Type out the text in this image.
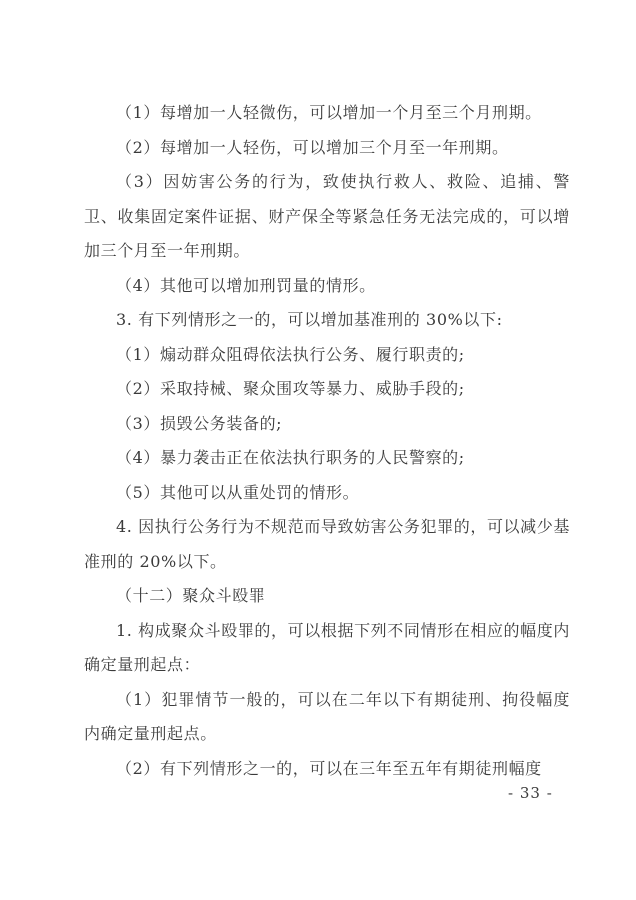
（1）每增加一人轻微伤，可以增加一个月至三个月刑期。

（2）每增加一人轻伤，可以增加三个月至一年刑期。

（3）因妨害公务的行为，致使执行救人、救险、追捕、警卫、收集固定案件证据、财产保全等紧急任务无法完成的，可以增加三个月至一年刑期。

（4）其他可以增加刑罚量的情形。

3. 有下列情形之一的，可以增加基准刑的 30%以下:

（1）煽动群众阻碍依法执行公务、履行职责的;

（2）采取持械、聚众围攻等暴力、威胁手段的;

（3）损毁公务装备的;

（4）暴力袭击正在依法执行职务的人民警察的;

（5）其他可以从重处罚的情形。

4. 因执行公务行为不规范而导致妨害公务犯罪的，可以减少基准刑的 20%以下。

（十二）聚众斗殴罪

1. 构成聚众斗殴罪的，可以根据下列不同情形在相应的幅度内确定量刑起点：

（1）犯罪情节一般的，可以在二年以下有期徒刑、拘役幅度内确定量刑起点。

（2）有下列情形之一的，可以在三年至五年有期徒刑幅度

- 33 -
